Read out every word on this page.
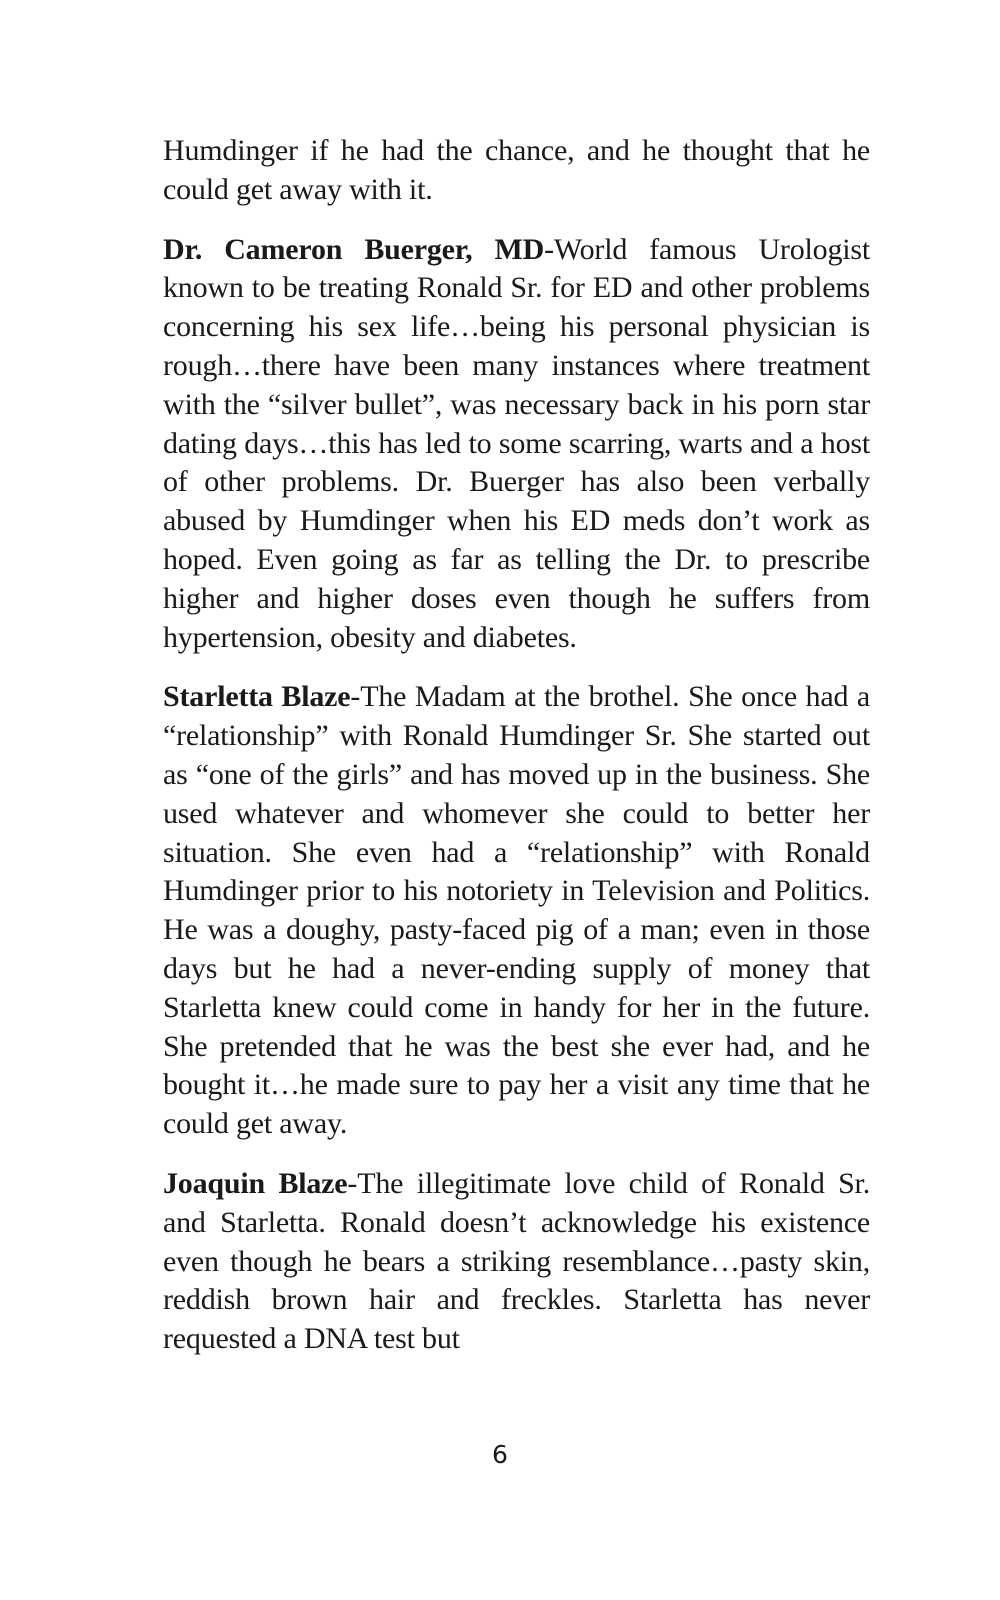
Humdinger if he had the chance, and he thought that he could get away with it.

Dr. Cameron Buerger, MD-World famous Urologist known to be treating Ronald Sr. for ED and other problems concerning his sex life…being his personal physician is rough…there have been many instances where treatment with the “silver bullet”, was necessary back in his porn star dating days…this has led to some scarring, warts and a host of other problems. Dr. Buerger has also been verbally abused by Humdinger when his ED meds don’t work as hoped. Even going as far as telling the Dr. to prescribe higher and higher doses even though he suffers from hypertension, obesity and diabetes.

Starletta Blaze-The Madam at the brothel. She once had a “relationship” with Ronald Humdinger Sr. She started out as “one of the girls” and has moved up in the business. She used whatever and whomever she could to better her situation. She even had a “relationship” with Ronald Humdinger prior to his notoriety in Television and Politics. He was a doughy, pasty-faced pig of a man; even in those days but he had a never-ending supply of money that Starletta knew could come in handy for her in the future. She pretended that he was the best she ever had, and he bought it…he made sure to pay her a visit any time that he could get away.

Joaquin Blaze-The illegitimate love child of Ronald Sr. and Starletta. Ronald doesn’t acknowledge his existence even though he bears a striking resemblance…pasty skin, reddish brown hair and freckles. Starletta has never requested a DNA test but

6
